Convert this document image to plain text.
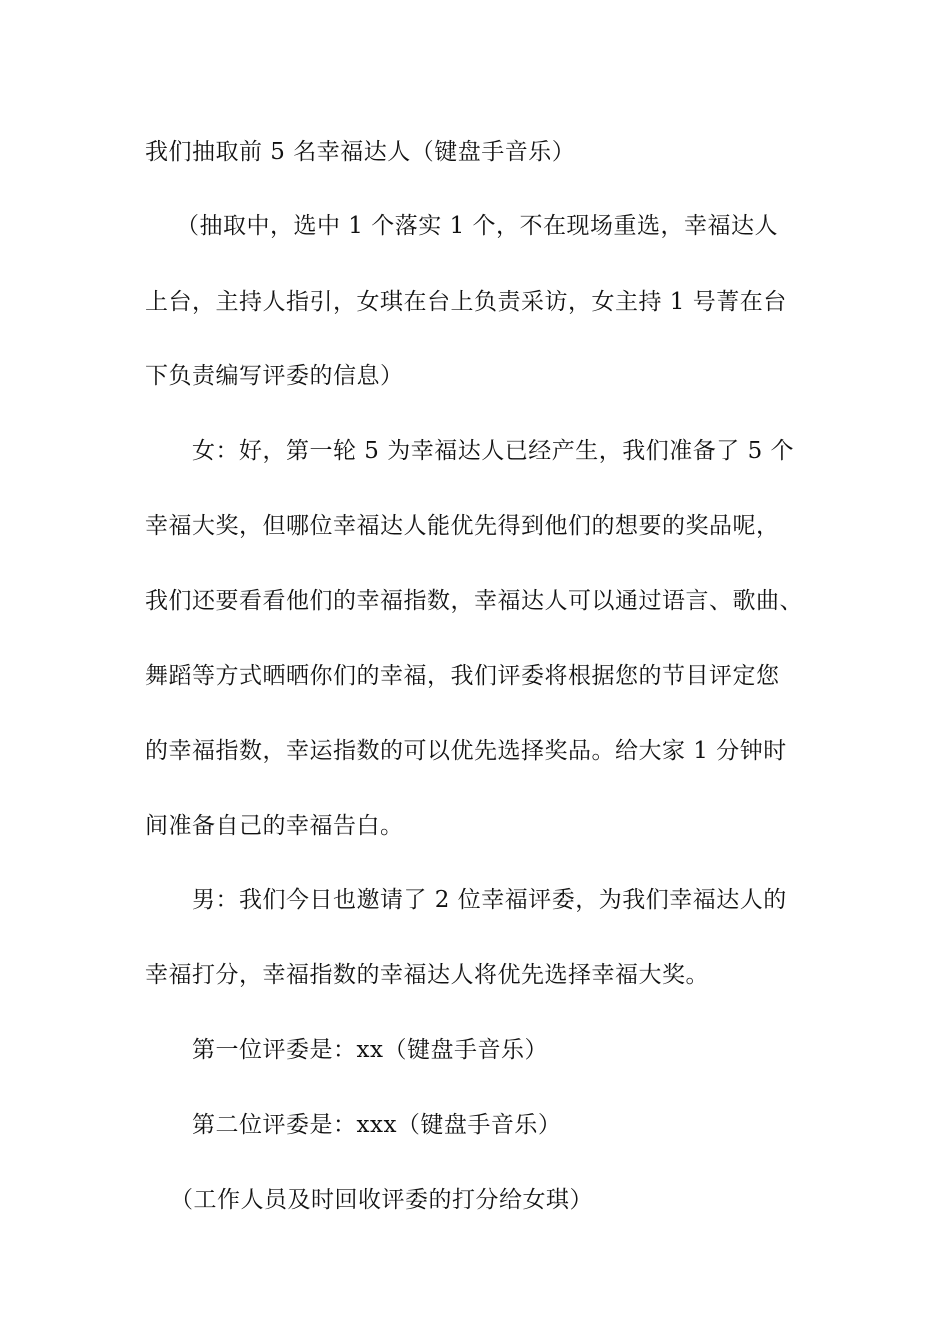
我们抽取前 5 名幸福达人（键盘手音乐）
（抽取中，选中 1 个落实 1 个，不在现场重选，幸福达人
上台，主持人指引，女琪在台上负责采访，女主持 1 号菁在台
下负责编写评委的信息）
女：好，第一轮 5 为幸福达人已经产生，我们准备了 5 个
幸福大奖，但哪位幸福达人能优先得到他们的想要的奖品呢，
我们还要看看他们的幸福指数，幸福达人可以通过语言、歌曲、
舞蹈等方式晒晒你们的幸福，我们评委将根据您的节目评定您
的幸福指数，幸运指数的可以优先选择奖品。给大家 1 分钟时
间准备自己的幸福告白。
男：我们今日也邀请了 2 位幸福评委，为我们幸福达人的
幸福打分，幸福指数的幸福达人将优先选择幸福大奖。
第一位评委是：xx（键盘手音乐）
第二位评委是：xxx（键盘手音乐）
（工作人员及时回收评委的打分给女琪）
